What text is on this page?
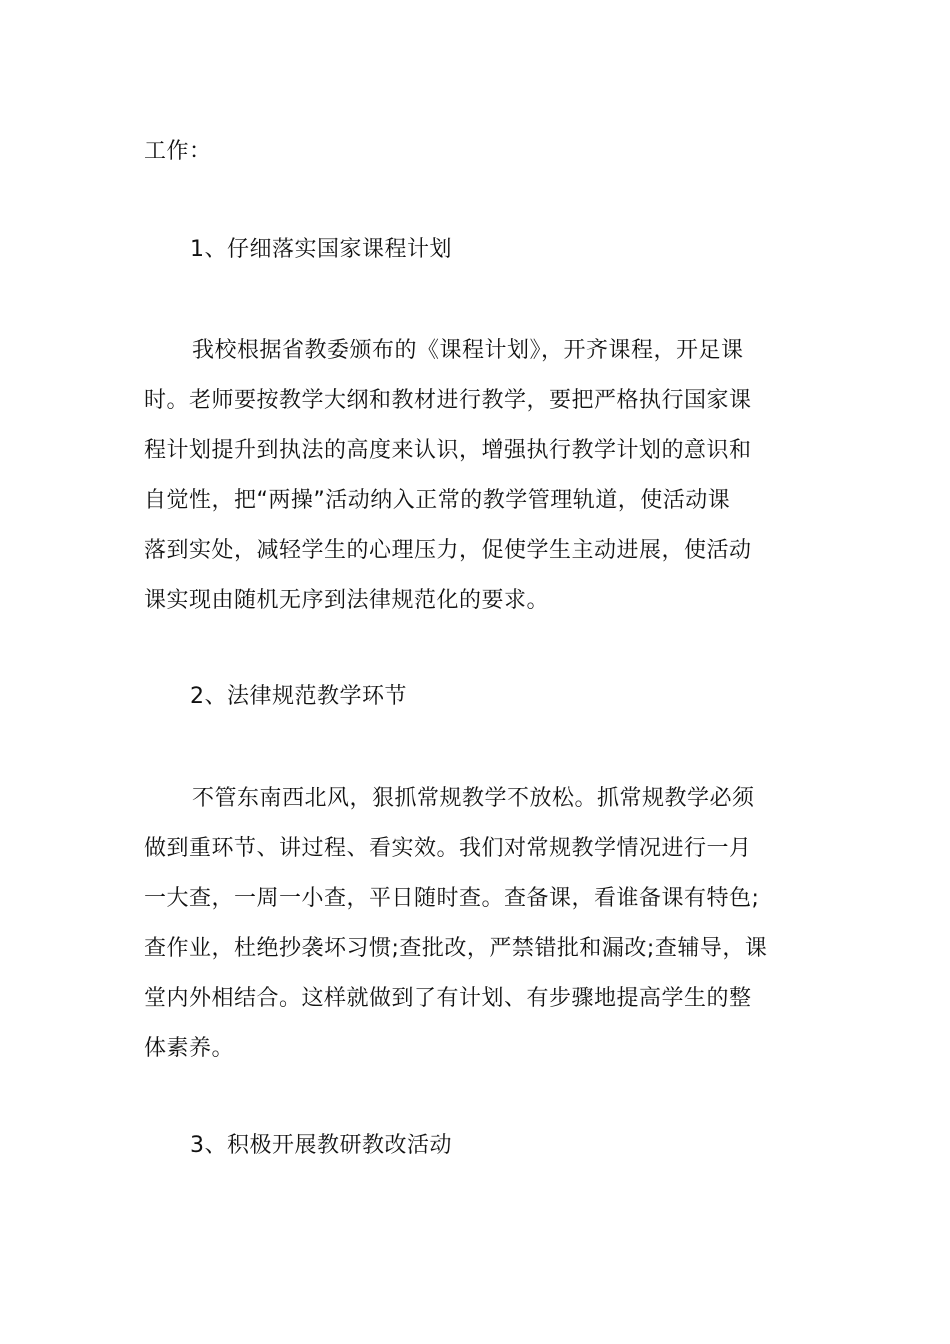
工作：
1、仔细落实国家课程计划
我校根据省教委颁布的《课程计划》，开齐课程，开足课
时。老师要按教学大纲和教材进行教学，要把严格执行国家课
程计划提升到执法的高度来认识，增强执行教学计划的意识和
自觉性，把“两操”活动纳入正常的教学管理轨道，使活动课
落到实处，减轻学生的心理压力，促使学生主动进展，使活动
课实现由随机无序到法律规范化的要求。
2、法律规范教学环节
不管东南西北风，狠抓常规教学不放松。抓常规教学必须
做到重环节、讲过程、看实效。我们对常规教学情况进行一月
一大查，一周一小查，平日随时查。查备课，看谁备课有特色;
查作业，杜绝抄袭坏习惯;查批改，严禁错批和漏改;查辅导，课
堂内外相结合。这样就做到了有计划、有步骤地提高学生的整
体素养。
3、积极开展教研教改活动
